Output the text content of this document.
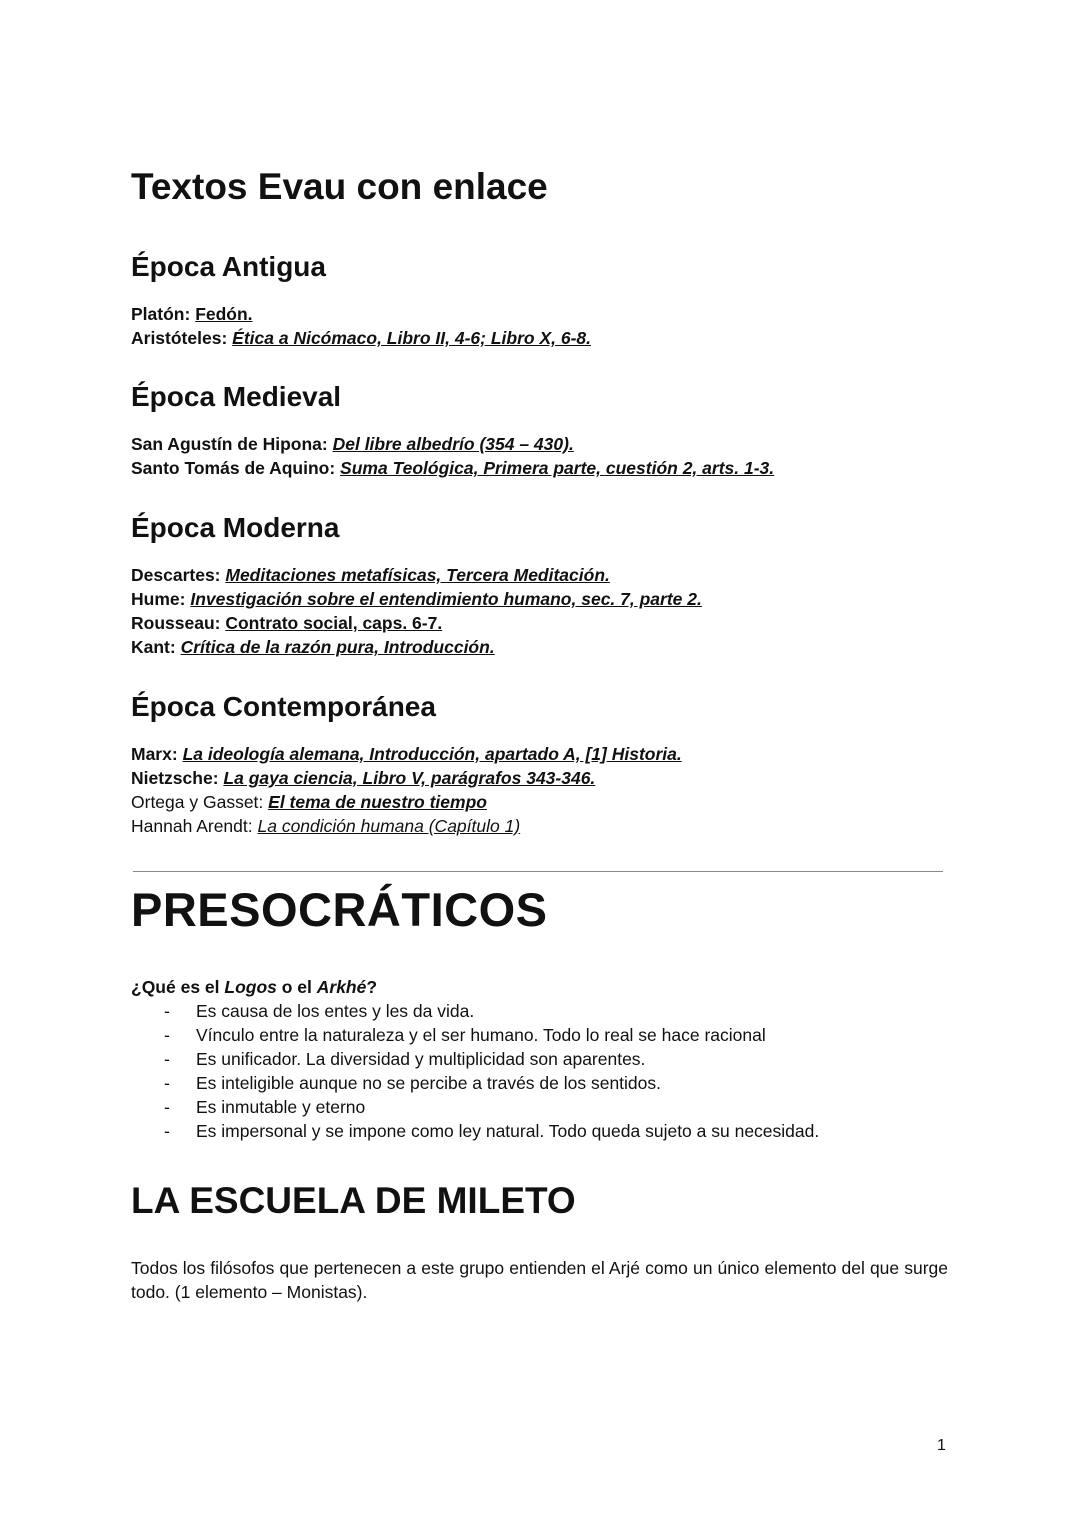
Textos Evau con enlace
Época Antigua
Platón: Fedón.
Aristóteles: Ética a Nicómaco, Libro II, 4-6; Libro X, 6-8.
Época Medieval
San Agustín de Hipona: Del libre albedrío (354 – 430).
Santo Tomás de Aquino: Suma Teológica, Primera parte, cuestión 2, arts. 1-3.
Época Moderna
Descartes: Meditaciones metafísicas, Tercera Meditación.
Hume: Investigación sobre el entendimiento humano, sec. 7, parte 2.
Rousseau: Contrato social, caps. 6-7.
Kant: Crítica de la razón pura, Introducción.
Época Contemporánea
Marx: La ideología alemana, Introducción, apartado A, [1] Historia.
Nietzsche: La gaya ciencia, Libro V, parágrafos 343-346.
Ortega y Gasset: El tema de nuestro tiempo
Hannah Arendt: La condición humana (Capítulo 1)
PRESOCRÁTICOS
¿Qué es el Logos o el Arkhé?
- Es causa de los entes y les da vida.
- Vínculo entre la naturaleza y el ser humano. Todo lo real se hace racional
- Es unificador. La diversidad y multiplicidad son aparentes.
- Es inteligible aunque no se percibe a través de los sentidos.
- Es inmutable y eterno
- Es impersonal y se impone como ley natural. Todo queda sujeto a su necesidad.
LA ESCUELA DE MILETO

Todos los filósofos que pertenecen a este grupo entienden el Arjé como un único elemento del que surge todo. (1 elemento – Monistas).

1
